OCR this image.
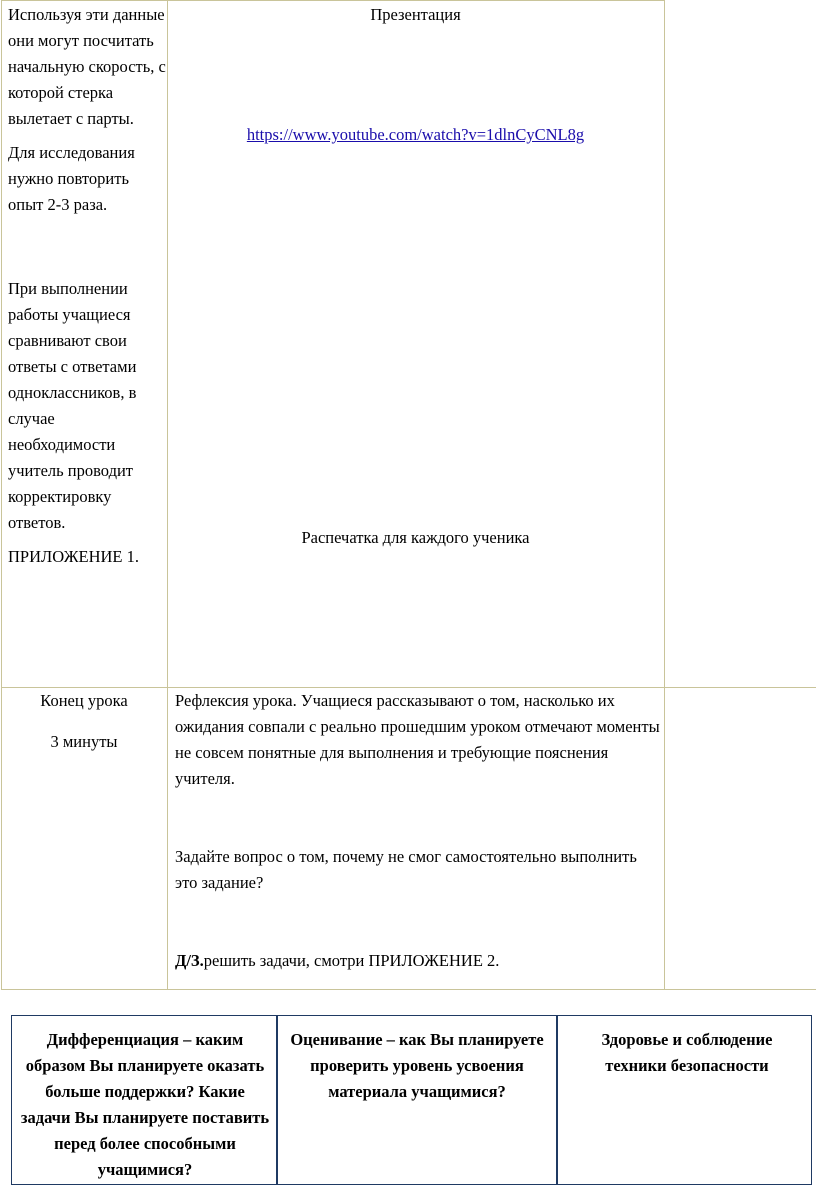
Используя эти данные они могут посчитать начальную скорость, с которой стерка вылетает с парты.

Для исследования нужно повторить опыт 2-3 раза.

При выполнении работы учащиеся сравнивают свои ответы с ответами одноклассников, в случае необходимости учитель проводит корректировку ответов.

ПРИЛОЖЕНИЕ 1.

Презентация
https://www.youtube.com/watch?v=1dlnCyCNL8g
Распечатка для каждого ученика
Конец урока
3 минуты

Рефлексия урока. Учащиеся рассказывают о том, насколько их ожидания совпали с реально прошедшим уроком отмечают моменты не совсем понятные для выполнения и требующие пояснения учителя.

Задайте вопрос о том, почему не смог самостоятельно выполнить это задание?

Д/З.решить задачи, смотри ПРИЛОЖЕНИЕ 2.

Дифференциация – каким образом Вы планируете оказать больше поддержки? Какие задачи Вы планируете поставить перед более способными учащимися?
Оценивание – как Вы планируете проверить уровень усвоения материала учащимися?
Здоровье и соблюдение техники безопасности
